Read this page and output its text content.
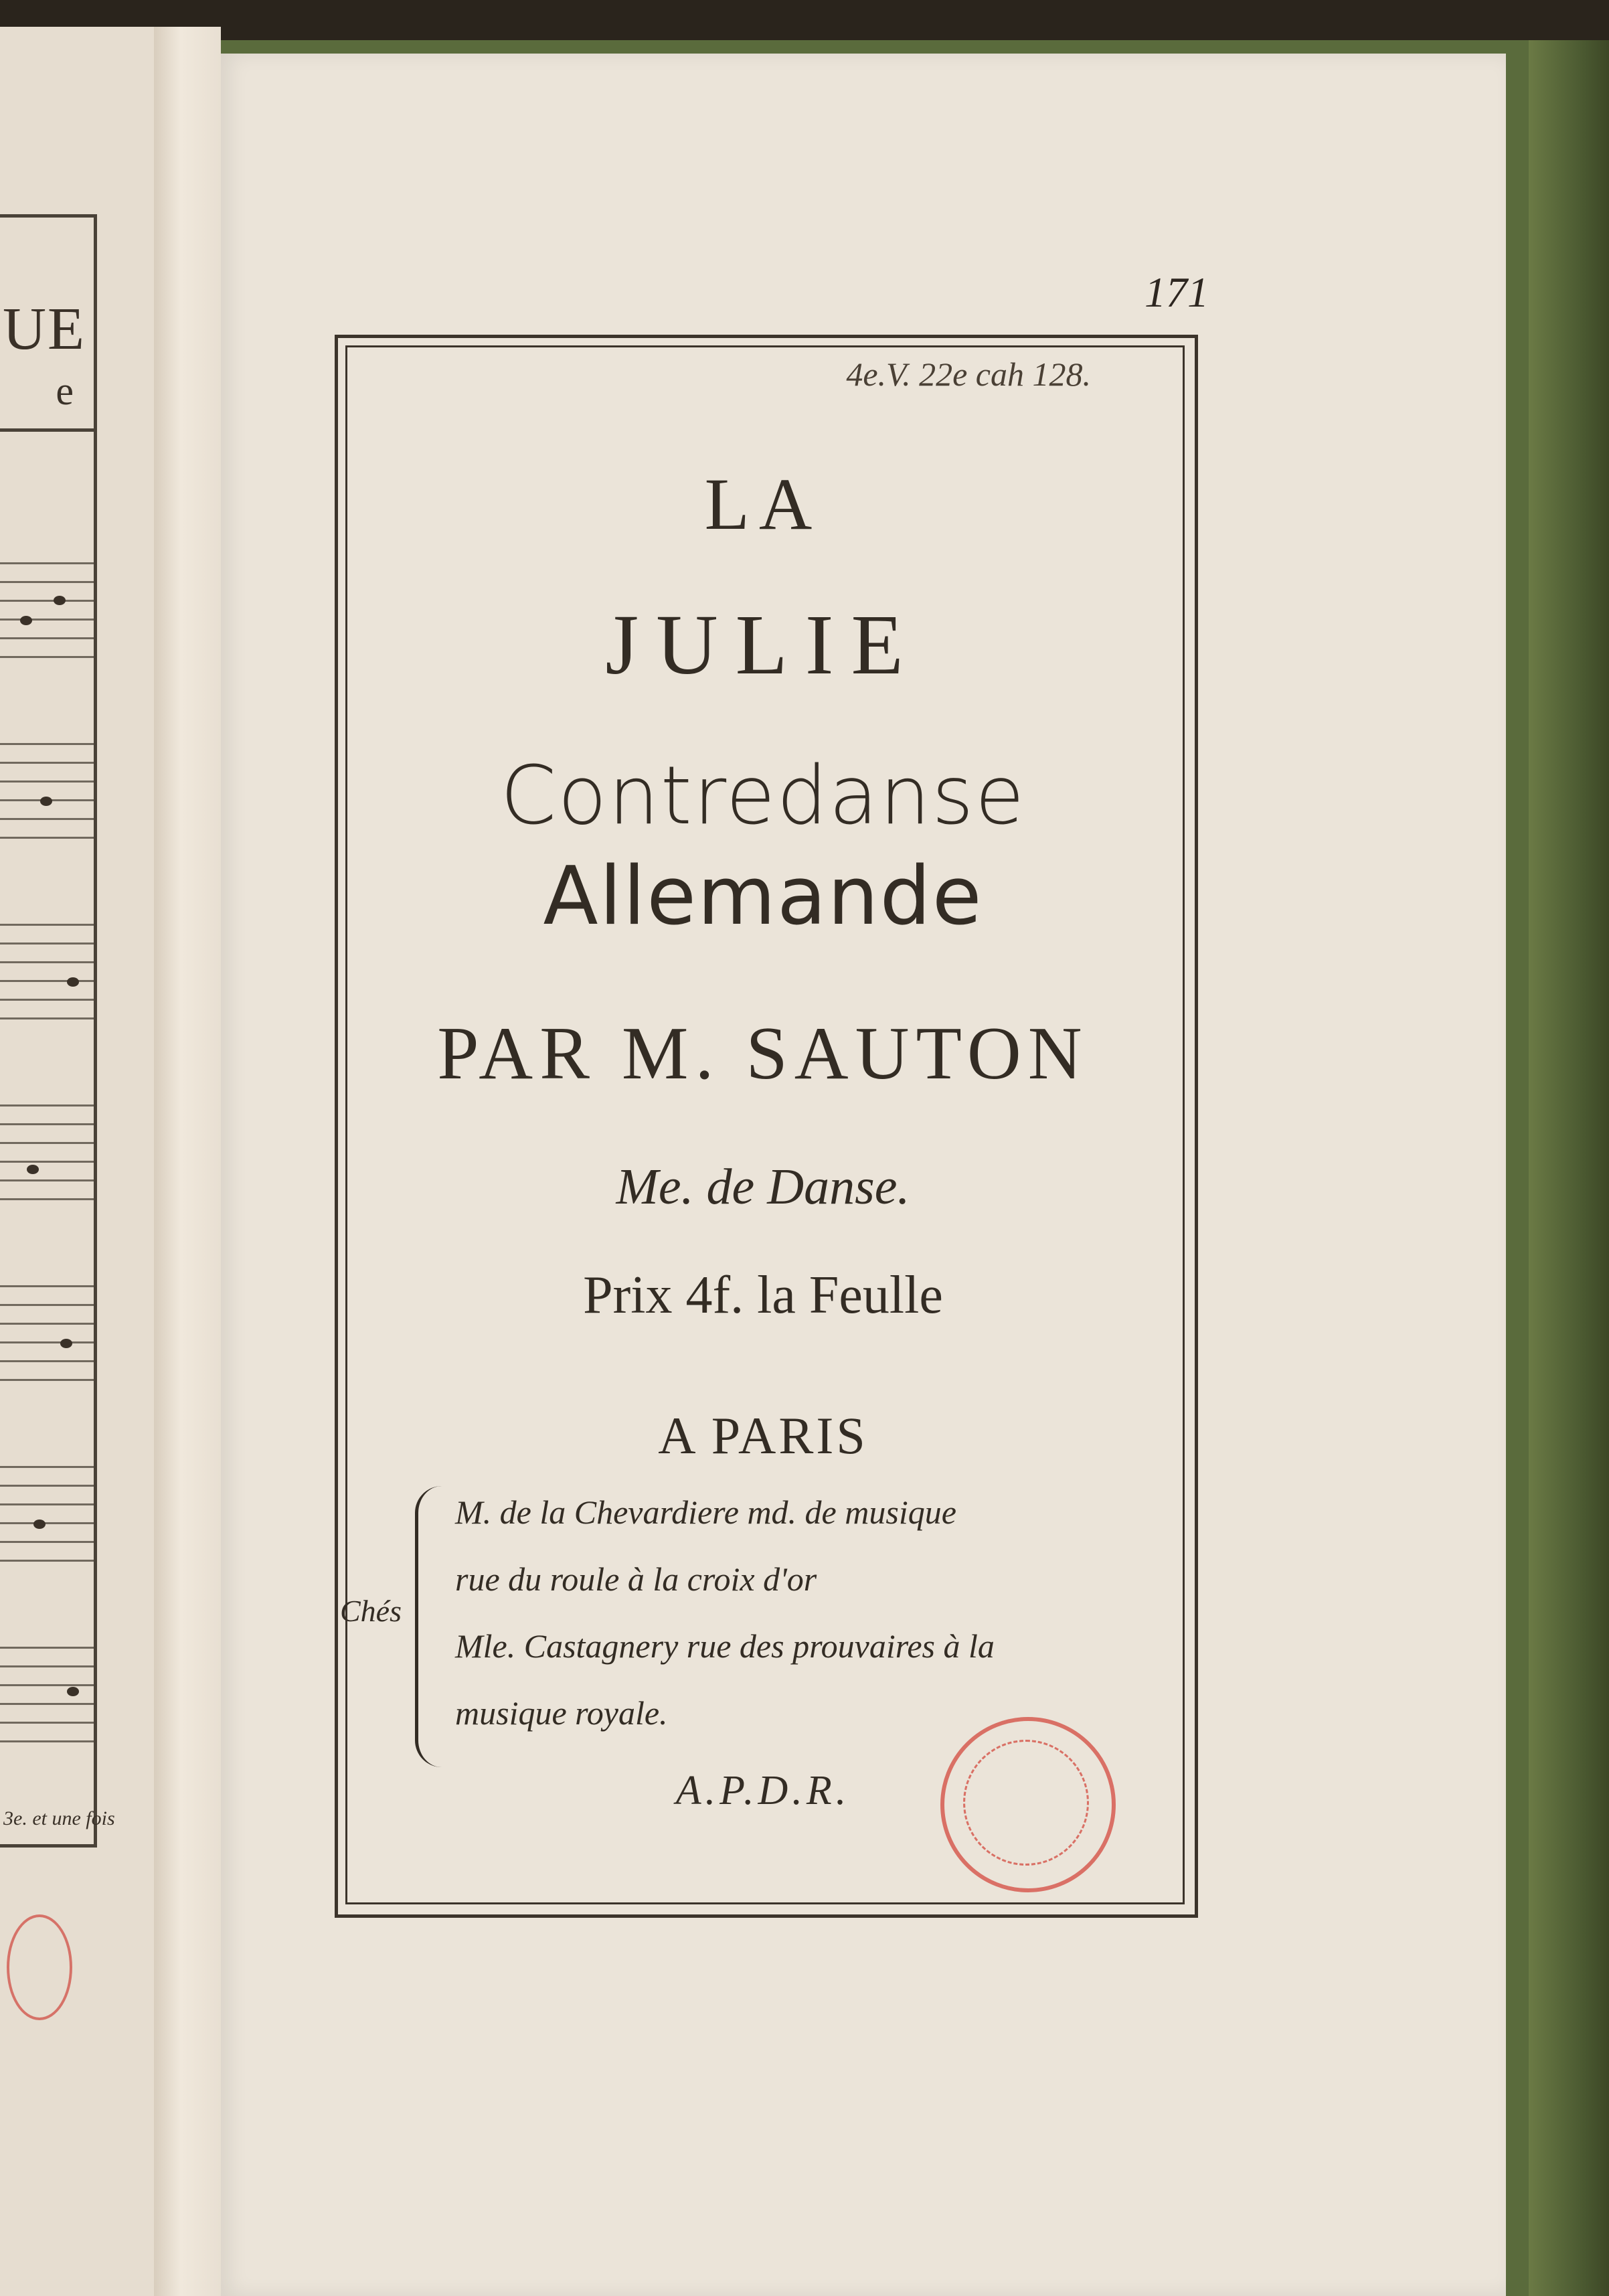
UE
e
3e. et une fois
171
4e.V. 22e cah 128.
LA
JULIE
Contredanse
Allemande
PAR M. SAUTON
Me. de Danse.
Prix 4f. la Feulle
A PARIS
Chés
M. de la Chevardiere md. de musique
rue du roule à la croix d'or
Mle. Castagnery rue des prouvaires à la
musique royale.
A.P.D.R.
